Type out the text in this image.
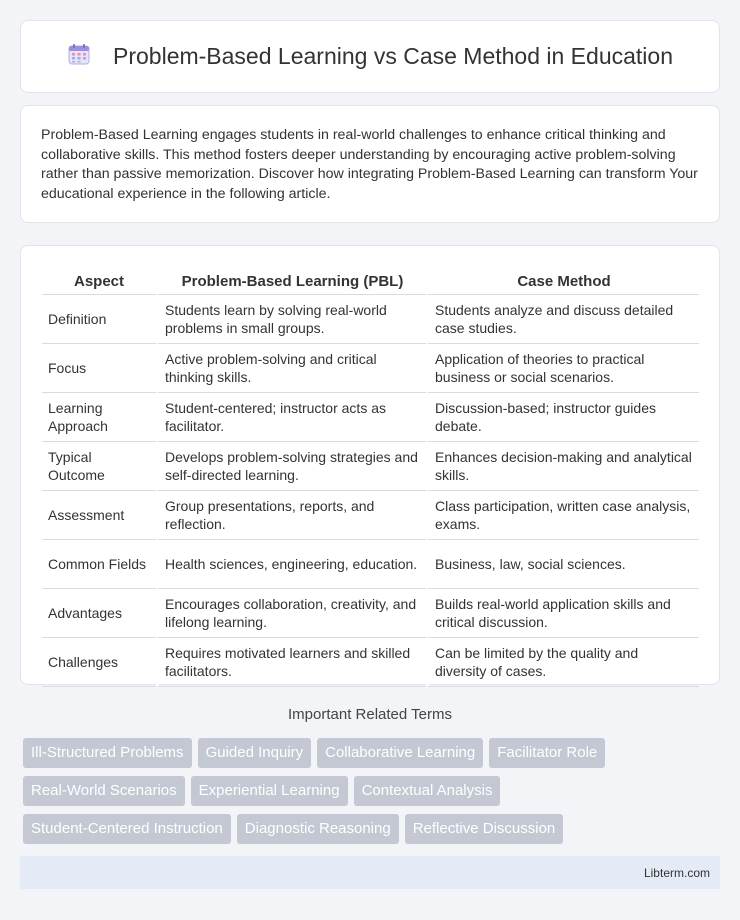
Problem-Based Learning vs Case Method in Education

Problem-Based Learning engages students in real-world challenges to enhance critical thinking and collaborative skills. This method fosters deeper understanding by encouraging active problem-solving rather than passive memorization. Discover how integrating Problem-Based Learning can transform Your educational experience in the following article.

Aspect	Problem-Based Learning (PBL)	Case Method
Definition	Students learn by solving real-world problems in small groups.	Students analyze and discuss detailed case studies.
Focus	Active problem-solving and critical thinking skills.	Application of theories to practical business or social scenarios.
Learning Approach	Student-centered; instructor acts as facilitator.	Discussion-based; instructor guides debate.
Typical Outcome	Develops problem-solving strategies and self-directed learning.	Enhances decision-making and analytical skills.
Assessment	Group presentations, reports, and reflection.	Class participation, written case analysis, exams.
Common Fields	Health sciences, engineering, education.	Business, law, social sciences.
Advantages	Encourages collaboration, creativity, and lifelong learning.	Builds real-world application skills and critical discussion.
Challenges	Requires motivated learners and skilled facilitators.	Can be limited by the quality and diversity of cases.
Important Related Terms
Ill-Structured Problems	Guided Inquiry	Collaborative Learning	Facilitator Role
Real-World Scenarios	Experiential Learning	Contextual Analysis
Student-Centered Instruction	Diagnostic Reasoning	Reflective Discussion
Libterm.com
